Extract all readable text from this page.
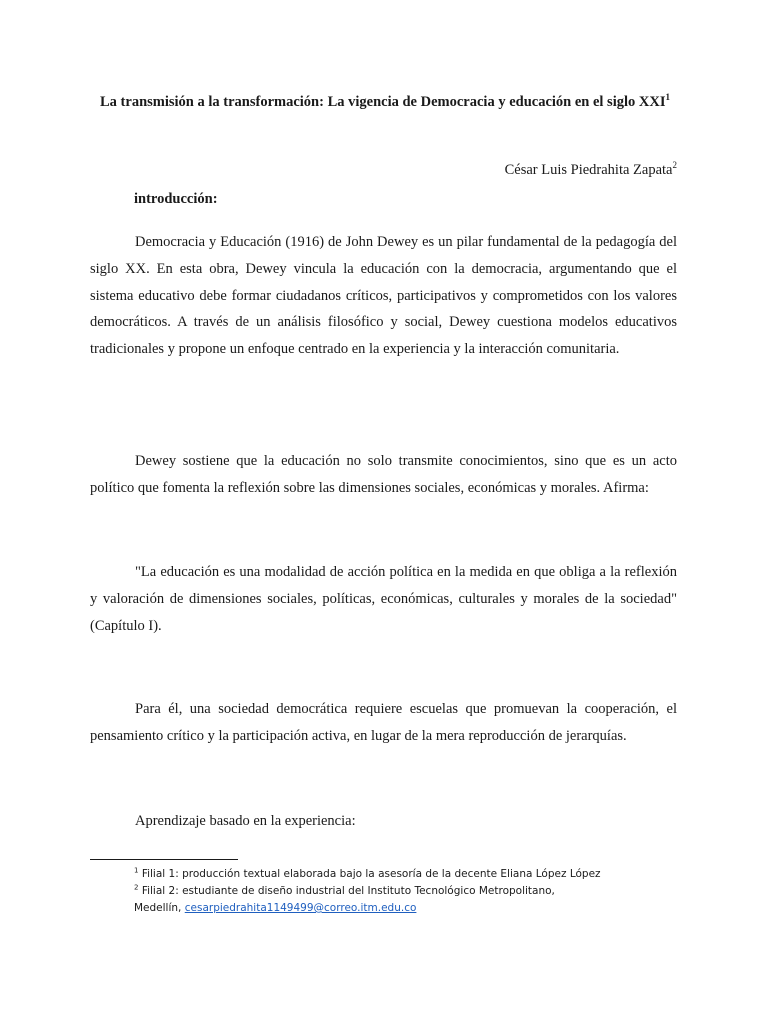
La transmisión a la transformación: La vigencia de Democracia y educación en el siglo XXI$^1$
César Luis Piedrahita Zapata$^2$
introducción:

Democracia y Educación (1916) de John Dewey es un pilar fundamental de la pedagogía del siglo XX. En esta obra, Dewey vincula la educación con la democracia, argumentando que el sistema educativo debe formar ciudadanos críticos, participativos y comprometidos con los valores democráticos. A través de un análisis filosófico y social, Dewey cuestiona modelos educativos tradicionales y propone un enfoque centrado en la experiencia y la interacción comunitaria.

Dewey sostiene que la educación no solo transmite conocimientos, sino que es un acto político que fomenta la reflexión sobre las dimensiones sociales, económicas y morales. Afirma:

"La educación es una modalidad de acción política en la medida en que obliga a la reflexión y valoración de dimensiones sociales, políticas, económicas, culturales y morales de la sociedad" (Capítulo I).

Para él, una sociedad democrática requiere escuelas que promuevan la cooperación, el pensamiento crítico y la participación activa, en lugar de la mera reproducción de jerarquías.

Aprendizaje basado en la experiencia:

$^1$ Filial 1: producción textual elaborada bajo la asesoría de la decente Eliana López López
$^2$ Filial 2: estudiante de diseño industrial del Instituto Tecnológico Metropolitano,
Medellín, cesarpiedrahita1149499@correo.itm.edu.co
